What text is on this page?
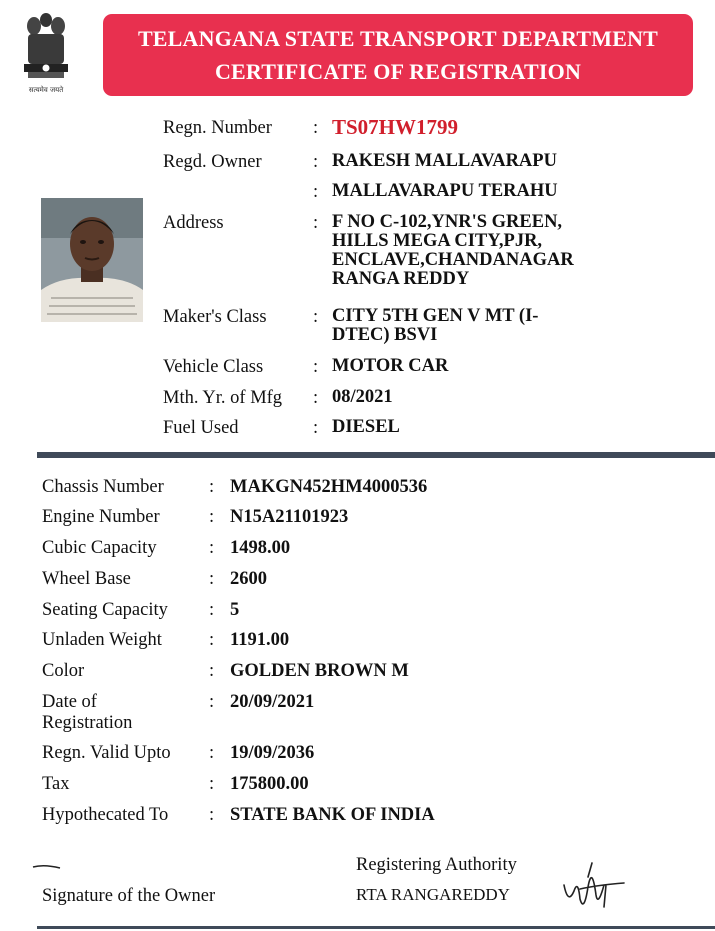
सत्यमेव जयते
TELANGANA STATE TRANSPORT DEPARTMENT
CERTIFICATE OF REGISTRATION
Regn. Number : TS07HW1799
Regd. Owner	: RAKESH MALLAVARAPU
: MALLAVARAPU TERAHU
Address	: F NO C-102,YNR'S GREEN,
HILLS MEGA CITY,PJR,
ENCLAVE,CHANDANAGAR
RANGA REDDY
Maker's Class	: CITY 5TH GEN V MT (I-
DTEC) BSVI
Vehicle Class	: MOTOR CAR
Mth. Yr. of Mfg : 08/2021
Fuel Used	: DIESEL
Chassis Number : MAKGN452HM4000536
Engine Number	: N15A21101923
Cubic Capacity	: 1498.00
Wheel Base	: 2600
Seating Capacity : 5
Unladen Weight	: 1191.00
Color	: GOLDEN BROWN M
Date of
Registration
: 20/09/2021
Regn. Valid Upto : 19/09/2036
Tax	: 175800.00
Hypothecated To : STATE BANK OF INDIA
Signature of the Owner
Registering Authority
RTA RANGAREDDY
